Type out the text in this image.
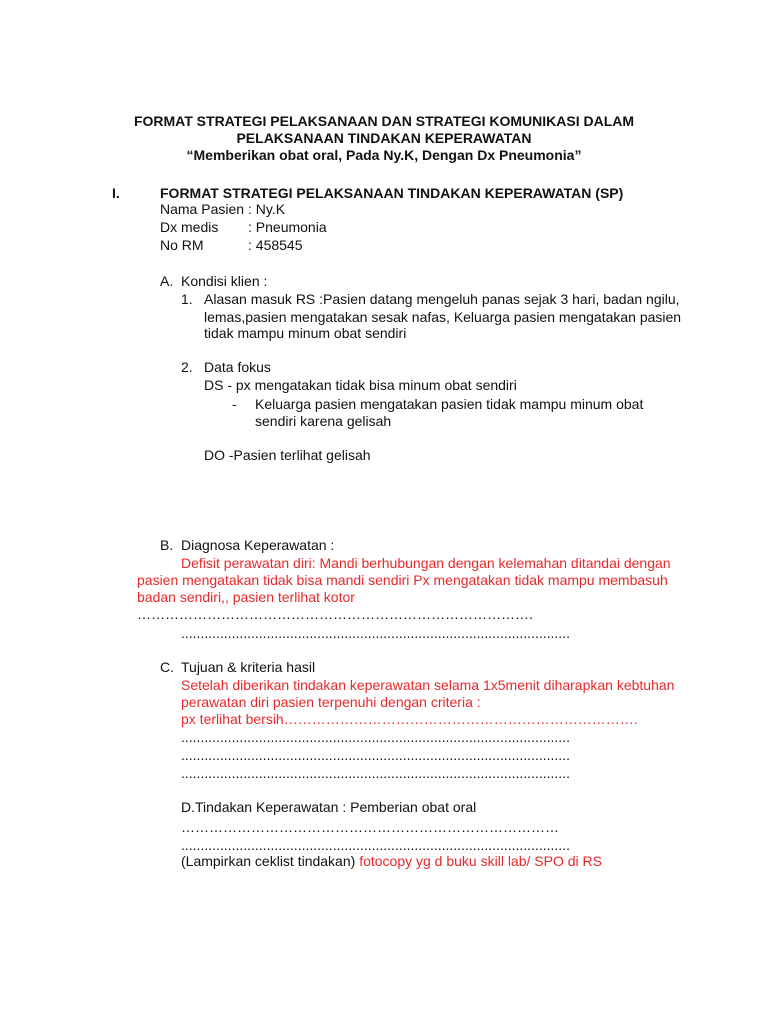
FORMAT STRATEGI PELAKSANAAN DAN STRATEGI KOMUNIKASI DALAM
PELAKSANAAN TINDAKAN KEPERAWATAN
“Memberikan obat oral, Pada Ny.K, Dengan Dx Pneumonia”
I.	FORMAT STRATEGI PELAKSANAAN TINDAKAN KEPERAWATAN (SP)
Nama Pasien : Ny.K
Dx medis : Pneumonia
No RM	: 458545
A. Kondisi klien :
1. Alasan masuk RS :Pasien datang mengeluh panas sejak 3 hari, badan ngilu,
lemas,pasien mengatakan sesak nafas, Keluarga pasien mengatakan pasien
tidak mampu minum obat sendiri
2. Data fokus
DS - px mengatakan tidak bisa minum obat sendiri
- Keluarga pasien mengatakan pasien tidak mampu minum obat
sendiri karena gelisah
DO -Pasien terlihat gelisah
B. Diagnosa Keperawatan :
Defisit perawatan diri: Mandi berhubungan dengan kelemahan ditandai dengan
pasien mengatakan tidak bisa mandi sendiri Px mengatakan tidak mampu membasuh
badan sendiri,, pasien terlihat kotor
………………………………………………………………………….
....................................................................................................
C. Tujuan & kriteria hasil
Setelah diberikan tindakan keperawatan selama 1x5menit diharapkan kebtuhan
perawatan diri pasien terpenuhi dengan criteria :
px terlihat bersih………………………………………………………………….
....................................................................................................
....................................................................................................
....................................................................................................
D.Tindakan Keperawatan : Pemberian obat oral
………………………………………………………………………
....................................................................................................
(Lampirkan ceklist tindakan) fotocopy yg d buku skill lab/ SPO di RS
